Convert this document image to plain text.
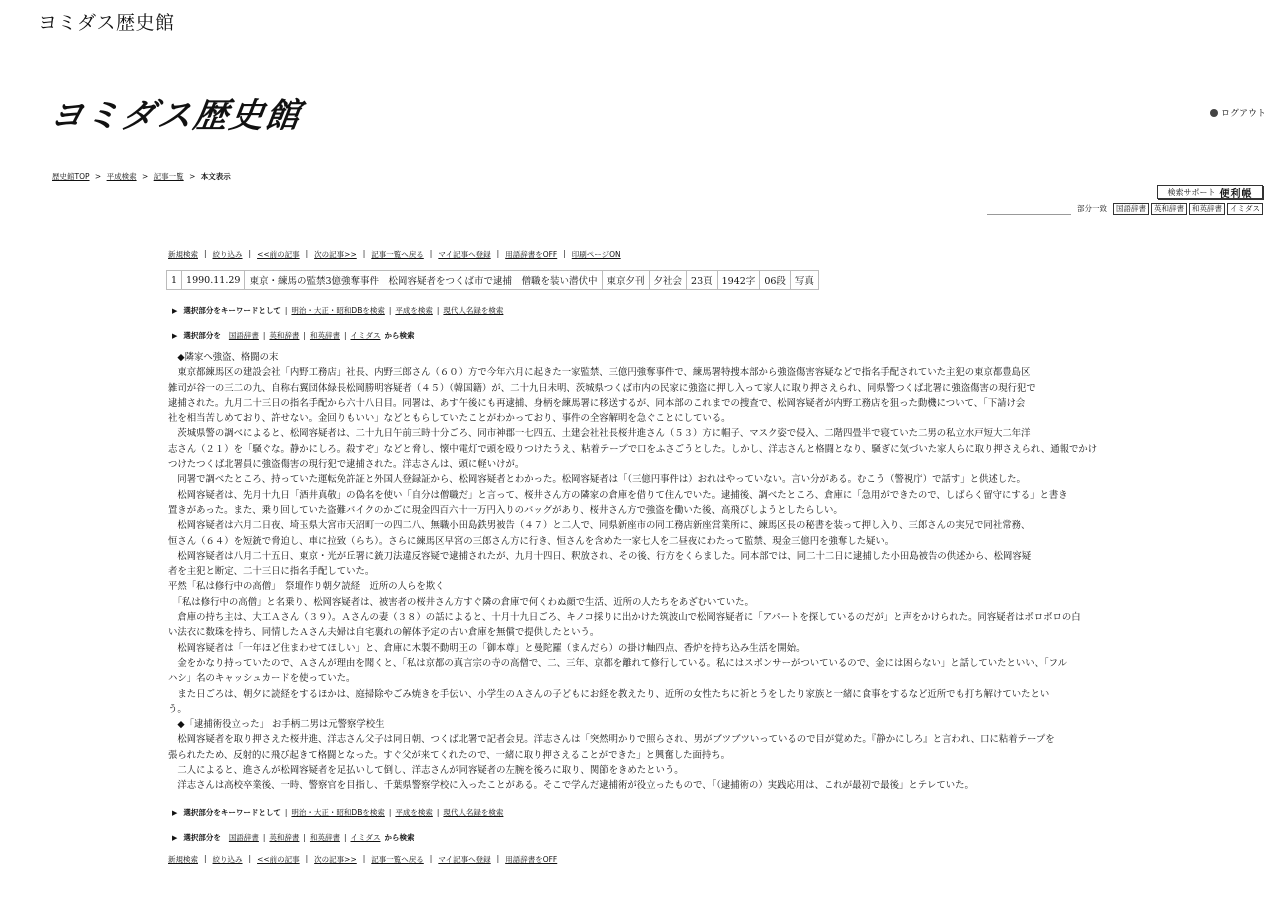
ヨミダス歴史館
ヨミダス歴史館	ログアウト
歴史館TOP > 平成検索 > 記事一覧 > 本文表示
検索サポート 便利帳
部分一致	国語辞書	英和辞書	和英辞書	イミダス
新規検索 | 絞り込み | <<前の記事 | 次の記事>> | 記事一覧へ戻る | マイ記事へ登録 | 用語辞書をOFF | 印刷ページON
1	1990.11.29	東京・練馬の監禁3億強奪事件　松岡容疑者をつくば市で逮捕　僧職を装い潜伏中	東京夕刊	夕社会	23頁	1942字	06段	写真
▶ 選択部分をキーワードとして | 明治・大正・昭和DBを検索 | 平成を検索 | 現代人名録を検索
▶ 選択部分を 国語辞書 | 英和辞書 | 和英辞書 | イミダス から検索

　◆隣家へ強盗、格闘の末

　東京都練馬区の建設会社「内野工務店」社長、内野三郎さん（６０）方で今年六月に起きた一家監禁、三億円強奪事件で、練馬署特捜本部から強盗傷害容疑などで指名手配されていた主犯の東京都豊島区

雑司が谷一の三二の九、自称右翼団体緑長松岡勝明容疑者（４５）（韓国籍）が、二十九日未明、茨城県つくば市内の民家に強盗に押し入って家人に取り押さえられ、同県警つくば北署に強盗傷害の現行犯で

逮捕された。九月二十三日の指名手配から六十八日目。同署は、あす午後にも再逮捕、身柄を練馬署に移送するが、同本部のこれまでの捜査で、松岡容疑者が内野工務店を狙った動機について、「下請け会

社を相当苦しめており、許せない。金回りもいい」などともらしていたことがわかっており、事件の全容解明を急ぐことにしている。

　茨城県警の調べによると、松岡容疑者は、二十九日午前三時十分ごろ、同市神郡一七四五、土建会社社長桜井進さん（５３）方に帽子、マスク姿で侵入、二階四畳半で寝ていた二男の私立水戸短大二年洋

志さん（２１）を「騒ぐな。静かにしろ。殺すぞ」などと脅し、懐中電灯で頭を殴りつけたうえ、粘着テープで口をふさごうとした。しかし、洋志さんと格闘となり、騒ぎに気づいた家人らに取り押さえられ、通報でかけ

つけたつくば北署員に強盗傷害の現行犯で逮捕された。洋志さんは、頭に軽いけが。

　同署で調べたところ、持っていた運転免許証と外国人登録証から、松岡容疑者とわかった。松岡容疑者は「（三億円事件は）おれはやっていない。言い分がある。むこう（警視庁）で話す」と供述した。

　松岡容疑者は、先月十九日「酒井真敬」の偽名を使い「自分は僧職だ」と言って、桜井さん方の隣家の倉庫を借りて住んでいた。逮捕後、調べたところ、倉庫に「急用ができたので、しばらく留守にする」と書き

置きがあった。また、乗り回していた盗難バイクのかごに現金四百六十一万円入りのバッグがあり、桜井さん方で強盗を働いた後、高飛びしようとしたらしい。

　松岡容疑者は六月二日夜、埼玉県大宮市天沼町一の四二八、無職小田島鉄男被告（４７）と二人で、同県新座市の同工務店新座営業所に、練馬区長の秘書を装って押し入り、三郎さんの実兄で同社常務、

恒さん（６４）を短銃で脅迫し、車に拉致（らち）。さらに練馬区早宮の三郎さん方に行き、恒さんを含めた一家七人を二昼夜にわたって監禁、現金三億円を強奪した疑い。

　松岡容疑者は八月二十五日、東京・光が丘署に銃刀法違反容疑で逮捕されたが、九月十四日、釈放され、その後、行方をくらました。同本部では、同二十二日に逮捕した小田島被告の供述から、松岡容疑

者を主犯と断定、二十三日に指名手配していた。

平然「私は修行中の高僧」　祭壇作り朝夕読経　近所の人らを欺く

　「私は修行中の高僧」と名乗り、松岡容疑者は、被害者の桜井さん方すぐ隣の倉庫で何くわぬ顔で生活、近所の人たちをあざむいていた。

　倉庫の持ち主は、大工Ａさん（３９）。Ａさんの妻（３８）の話によると、十月十九日ごろ、キノコ採りに出かけた筑波山で松岡容疑者に「アパートを探しているのだが」と声をかけられた。同容疑者はボロボロの白

い法衣に数珠を持ち、同情したＡさん夫婦は自宅裏れの解体予定の古い倉庫を無償で提供したという。

　松岡容疑者は「一年ほど住まわせてほしい」と、倉庫に木製不動明王の「御本尊」と曼陀羅（まんだら）の掛け軸四点、香炉を持ち込み生活を開始。

　金をかなり持っていたので、Ａさんが理由を聞くと、「私は京都の真言宗の寺の高僧で、二、三年、京都を離れて修行している。私にはスポンサーがついているので、金には困らない」と話していたといい、「フル

ハシ」名のキャッシュカードを使っていた。

　また日ごろは、朝夕に読経をするほかは、庭掃除やごみ焼きを手伝い、小学生のＡさんの子どもにお経を教えたり、近所の女性たちに祈とうをしたり家族と一緒に食事をするなど近所でも打ち解けていたとい

う。

　◆「逮捕術役立った」 お手柄二男は元警察学校生

　松岡容疑者を取り押さえた桜井進、洋志さん父子は同日朝、つくば北署で記者会見。洋志さんは「突然明かりで照らされ、男がブツブツいっているので目が覚めた。『静かにしろ』と言われ、口に粘着テープを

張られたため、反射的に飛び起きて格闘となった。すぐ父が来てくれたので、一緒に取り押さえることができた」と興奮した面持ち。

　二人によると、進さんが松岡容疑者を足払いして倒し、洋志さんが同容疑者の左腕を後ろに取り、関節をきめたという。

　洋志さんは高校卒業後、一時、警察官を目指し、千葉県警察学校に入ったことがある。そこで学んだ逮捕術が役立ったもので、「（逮捕術の）実践応用は、これが最初で最後」とテレていた。

▶ 選択部分をキーワードとして | 明治・大正・昭和DBを検索 | 平成を検索 | 現代人名録を検索
▶ 選択部分を 国語辞書 | 英和辞書 | 和英辞書 | イミダス から検索
新規検索 | 絞り込み | <<前の記事 | 次の記事>> | 記事一覧へ戻る | マイ記事へ登録 | 用語辞書をOFF
